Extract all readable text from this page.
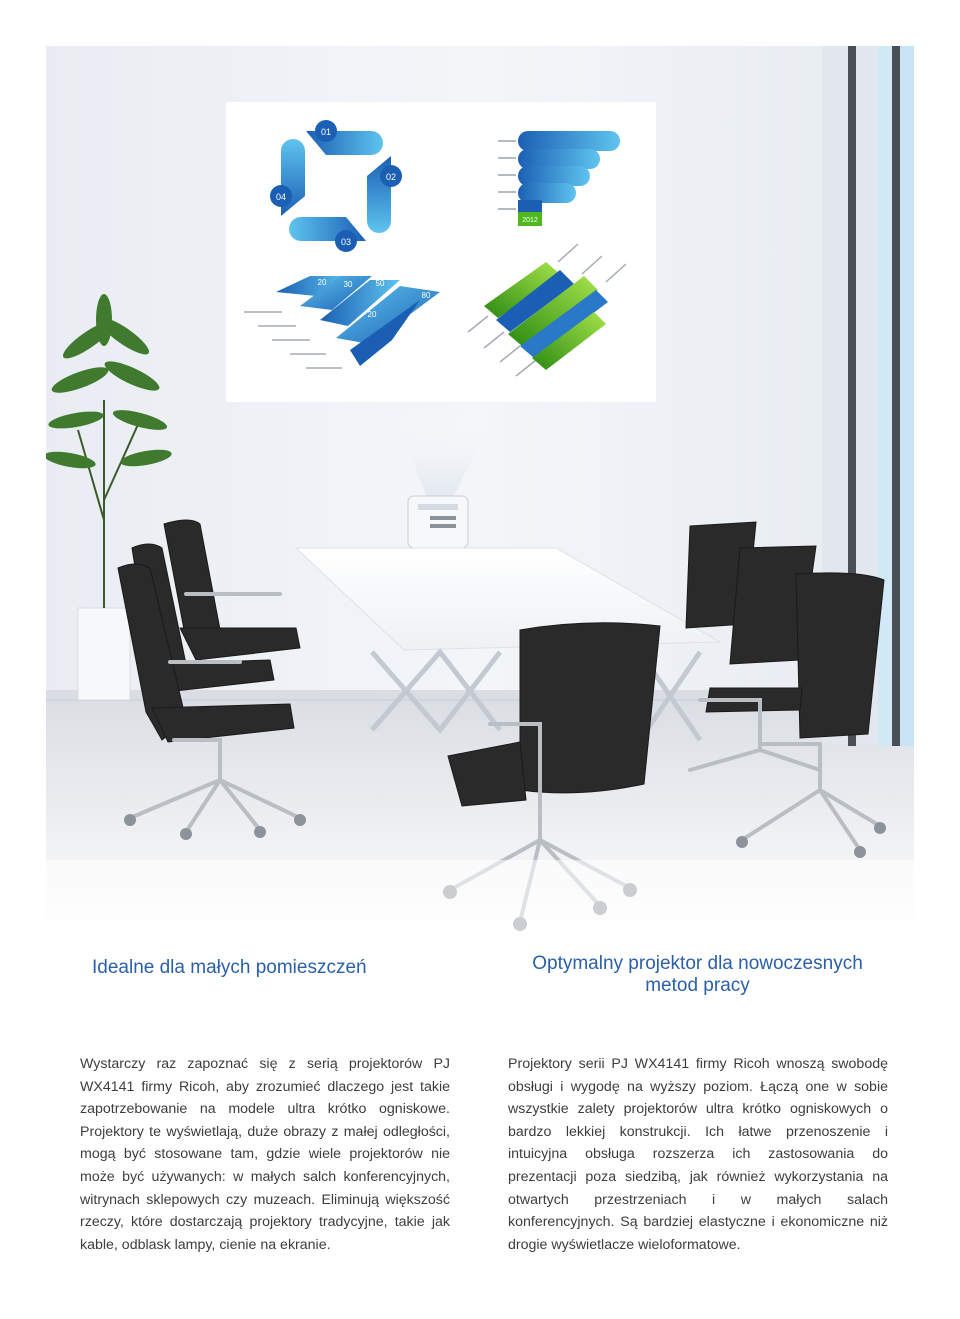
01
02
03
04
2012
20 30	50
80
20
Idealne dla małych pomieszczeń	Optymalny projektor dla nowoczesnych metod pracy

Wystarczy raz zapoznać się z serią projektorów PJ WX4141 firmy Ricoh, aby zrozumieć dlaczego jest takie zapotrzebowanie na modele ultra krótko ogniskowe. Projektory te wyświetlają, duże obrazy z małej odległości, mogą być stosowane tam, gdzie wiele projektorów nie może być używanych: w małych salch konferencyjnych, witrynach sklepowych czy muzeach. Eliminują większość rzeczy, które dostarczają projektory tradycyjne, takie jak kable, odblask lampy, cienie na ekranie.

Projektory serii PJ WX4141 firmy Ricoh wnoszą swobodę obsługi i wygodę na wyższy poziom. Łączą one w sobie wszystkie zalety projektorów ultra krótko ogniskowych o bardzo lekkiej konstrukcji. Ich łatwe przenoszenie i intuicyjna obsługa rozszerza ich zastosowania do prezentacji poza siedzibą, jak również wykorzystania na otwartych przestrzeniach i w małych salach konferencyjnych. Są bardziej elastyczne i ekonomiczne niż drogie wyświetlacze wieloformatowe.
